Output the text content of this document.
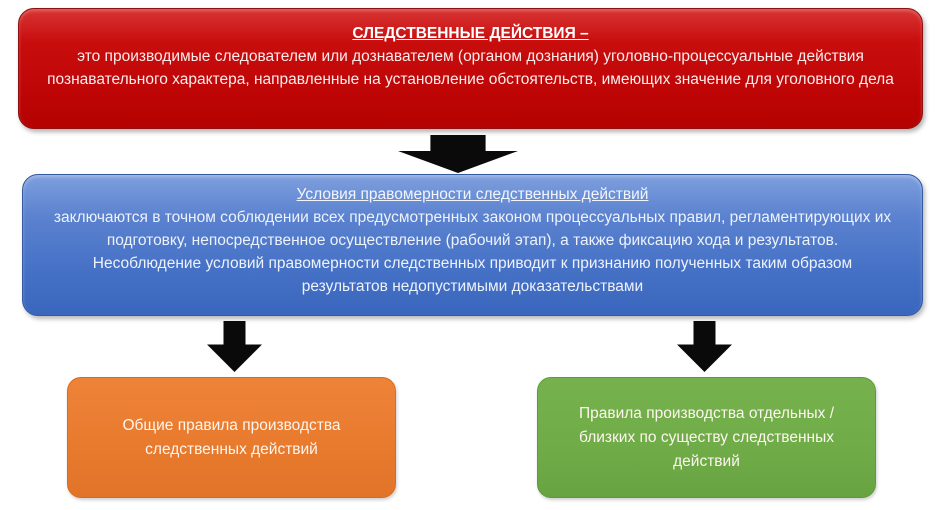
СЛЕДСТВЕННЫЕ ДЕЙСТВИЯ –
это производимые следователем или дознавателем (органом дознания) уголовно-процессуальные действия познавательного характера, направленные на установление обстоятельств, имеющих значение для уголовного дела
Условия правомерности следственных действий
заключаются в точном соблюдении всех предусмотренных законом процессуальных правил, регламентирующих их подготовку, непосредственное осуществление (рабочий этап), а также фиксацию хода и результатов. Несоблюдение условий правомерности следственных приводит к признанию полученных таким образом результатов недопустимыми доказательствами
Общие правила производства следственных действий
Правила производства отдельных / близких по существу следственных действий
